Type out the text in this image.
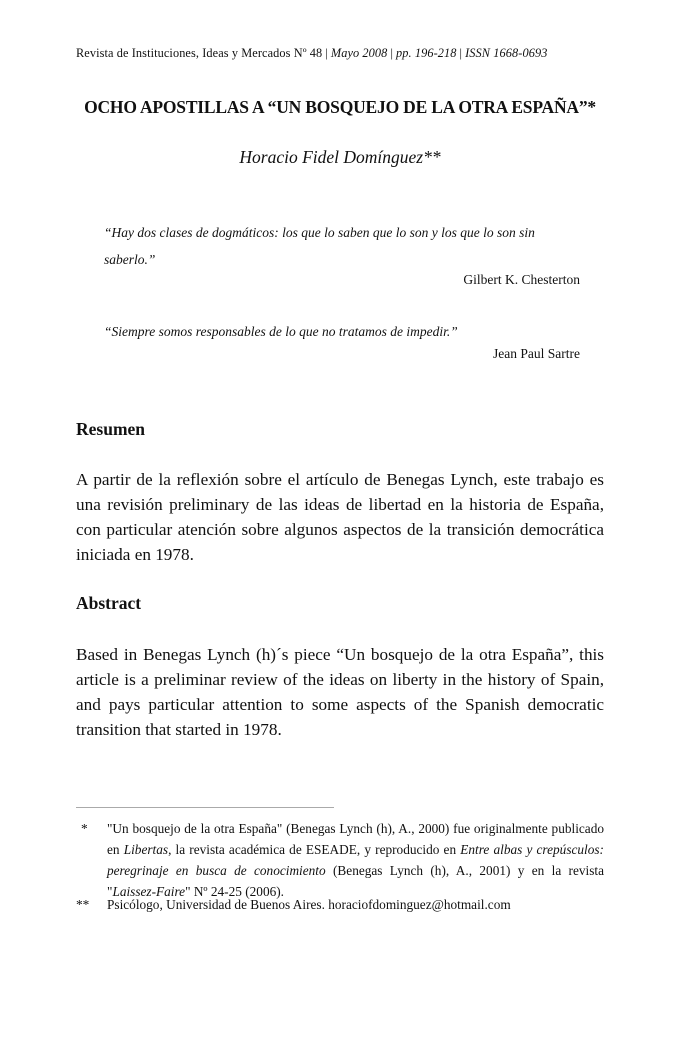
Revista de Instituciones, Ideas y Mercados Nº 48 | Mayo 2008 | pp. 196-218 | ISSN 1668-0693
OCHO APOSTILLAS A “UN BOSQUEJO DE LA OTRA ESPAÑA”*
Horacio Fidel Domínguez**
“Hay dos clases de dogmáticos: los que lo saben que lo son y los que lo son sin saberlo.”
Gilbert K. Chesterton
“Siempre somos responsables de lo que no tratamos de impedir.”
Jean Paul Sartre
Resumen
A partir de la reflexión sobre el artículo de Benegas Lynch, este trabajo es una revisión preliminary de las ideas de libertad en la historia de España, con particular atención sobre algunos aspectos de la transición democrática iniciada en 1978.
Abstract
Based in Benegas Lynch (h)´s piece “Un bosquejo de la otra España”, this article is a preliminar review of the ideas on liberty in the history of Spain, and pays particular attention to some aspects of the Spanish democratic transition that started in 1978.
*	"Un bosquejo de la otra España" (Benegas Lynch (h), A., 2000) fue originalmente publicado en Libertas, la revista académica de ESEADE, y reproducido en Entre albas y crepúsculos: peregrinaje en busca de conocimiento (Benegas Lynch (h), A., 2001) y en la revista "Laissez-Faire" Nº 24-25 (2006).
**	Psicólogo, Universidad de Buenos Aires. horaciofdominguez@hotmail.com
